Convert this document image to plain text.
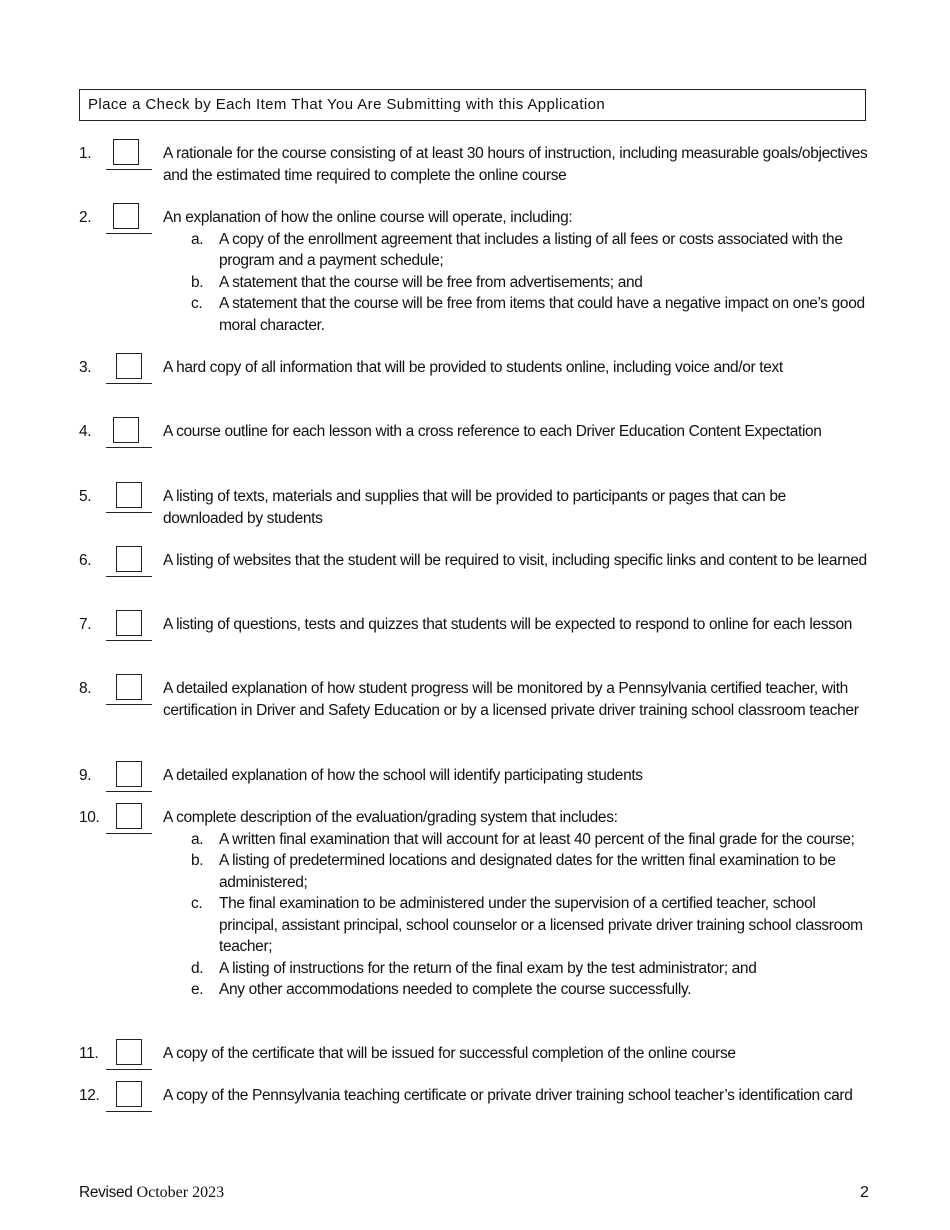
Place a Check by Each Item That You Are Submitting with this Application
1.	A rationale for the course consisting of at least 30 hours of instruction, including measurable goals/objectives and the estimated time required to complete the online course
2.	An explanation of how the online course will operate, including:
a. A copy of the enrollment agreement that includes a listing of all fees or costs associated with the program and a payment schedule;
b. A statement that the course will be free from advertisements; and
c. A statement that the course will be free from items that could have a negative impact on one’s good moral character.
3.	A hard copy of all information that will be provided to students online, including voice and/or text
4.	A course outline for each lesson with a cross reference to each Driver Education Content Expectation
5.	A listing of texts, materials and supplies that will be provided to participants or pages that can be downloaded by students
6.	A listing of websites that the student will be required to visit, including specific links and content to be learned
7.	A listing of questions, tests and quizzes that students will be expected to respond to online for each lesson
8.	A detailed explanation of how student progress will be monitored by a Pennsylvania certified teacher, with certification in Driver and Safety Education or by a licensed private driver training school classroom teacher
9.	A detailed explanation of how the school will identify participating students
10.	A complete description of the evaluation/grading system that includes:
a. A written final examination that will account for at least 40 percent of the final grade for the course;
b. A listing of predetermined locations and designated dates for the written final examination to be administered;
c. The final examination to be administered under the supervision of a certified teacher, school principal, assistant principal, school counselor or a licensed private driver training school classroom teacher;
d. A listing of instructions for the return of the final exam by the test administrator; and
e. Any other accommodations needed to complete the course successfully.
11.	A copy of the certificate that will be issued for successful completion of the online course
12.	A copy of the Pennsylvania teaching certificate or private driver training school teacher’s identification card
Revised October 2023	2
